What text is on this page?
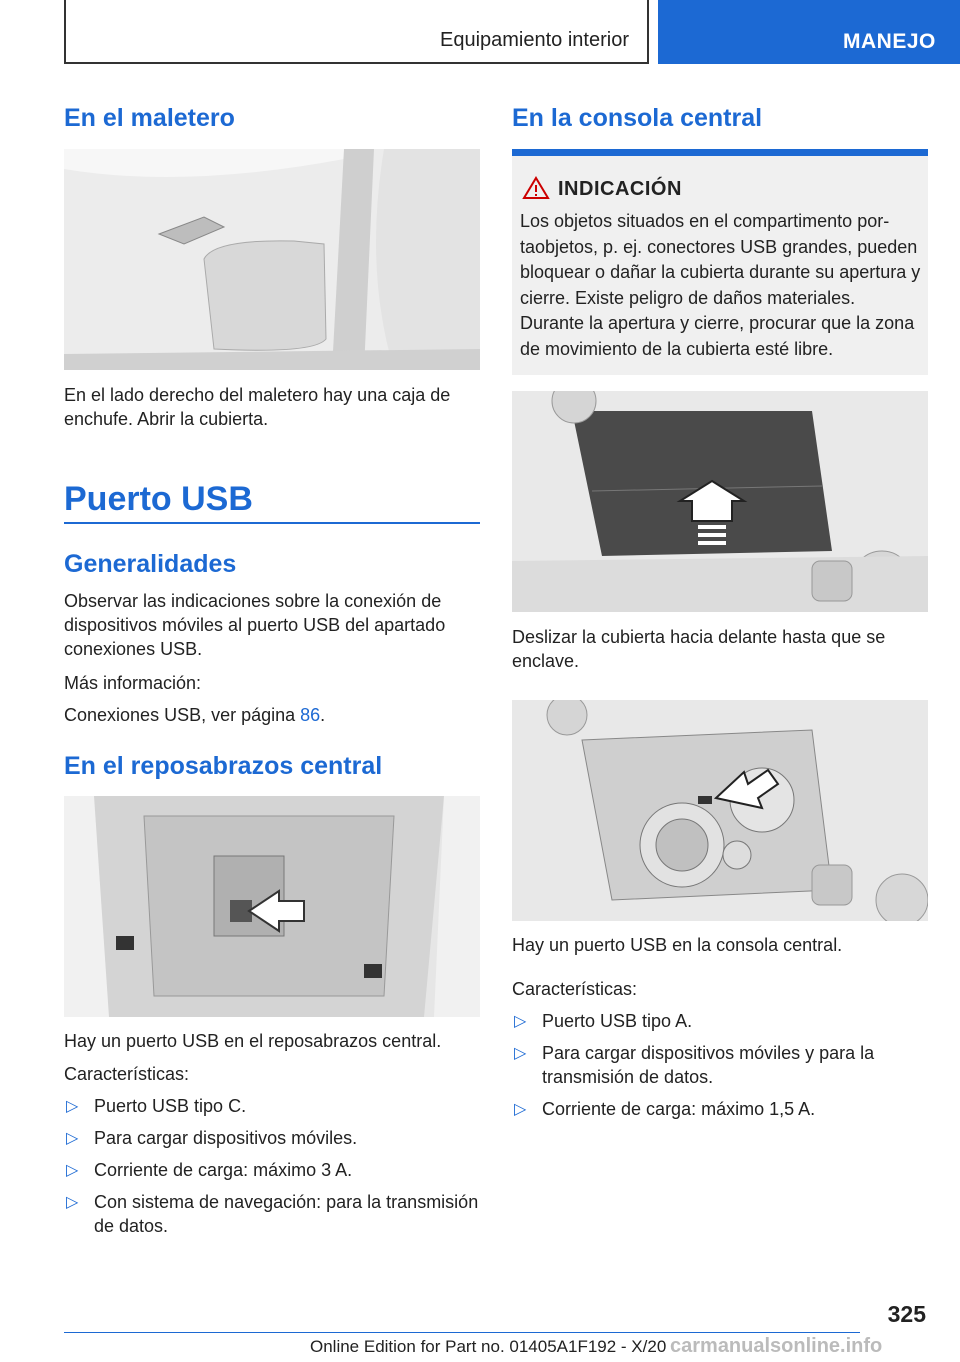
Equipamiento interior	MANEJO
En el maletero

En el lado derecho del maletero hay una caja de enchufe. Abrir la cubierta.

Puerto USB
Generalidades

Observar las indicaciones sobre la conexión de dispositivos móviles al puerto USB del apartado conexiones USB.

Más información:

Conexiones USB, ver página 86.

En el reposabrazos central

Hay un puerto USB en el reposabrazos central.

Características:

▷ Puerto USB tipo C.
▷ Para cargar dispositivos móviles.
▷ Corriente de carga: máximo 3 A.
▷ Con sistema de navegación: para la transmisión de datos.
En la consola central
INDICACIÓN

Los objetos situados en el compartimento portaobjetos, p. ej. conectores USB grandes, pueden bloquear o dañar la cubierta durante su apertura y cierre. Existe peligro de daños materiales. Durante la apertura y cierre, procurar que la zona de movimiento de la cubierta esté libre.

Deslizar la cubierta hacia delante hasta que se enclave.

Hay un puerto USB en la consola central.

Características:

▷ Puerto USB tipo A.
▷ Para cargar dispositivos móviles y para la transmisión de datos.
▷ Corriente de carga: máximo 1,5 A.
325
Online Edition for Part no. 01405A1F192 - X/20 carmanualsonline.info
